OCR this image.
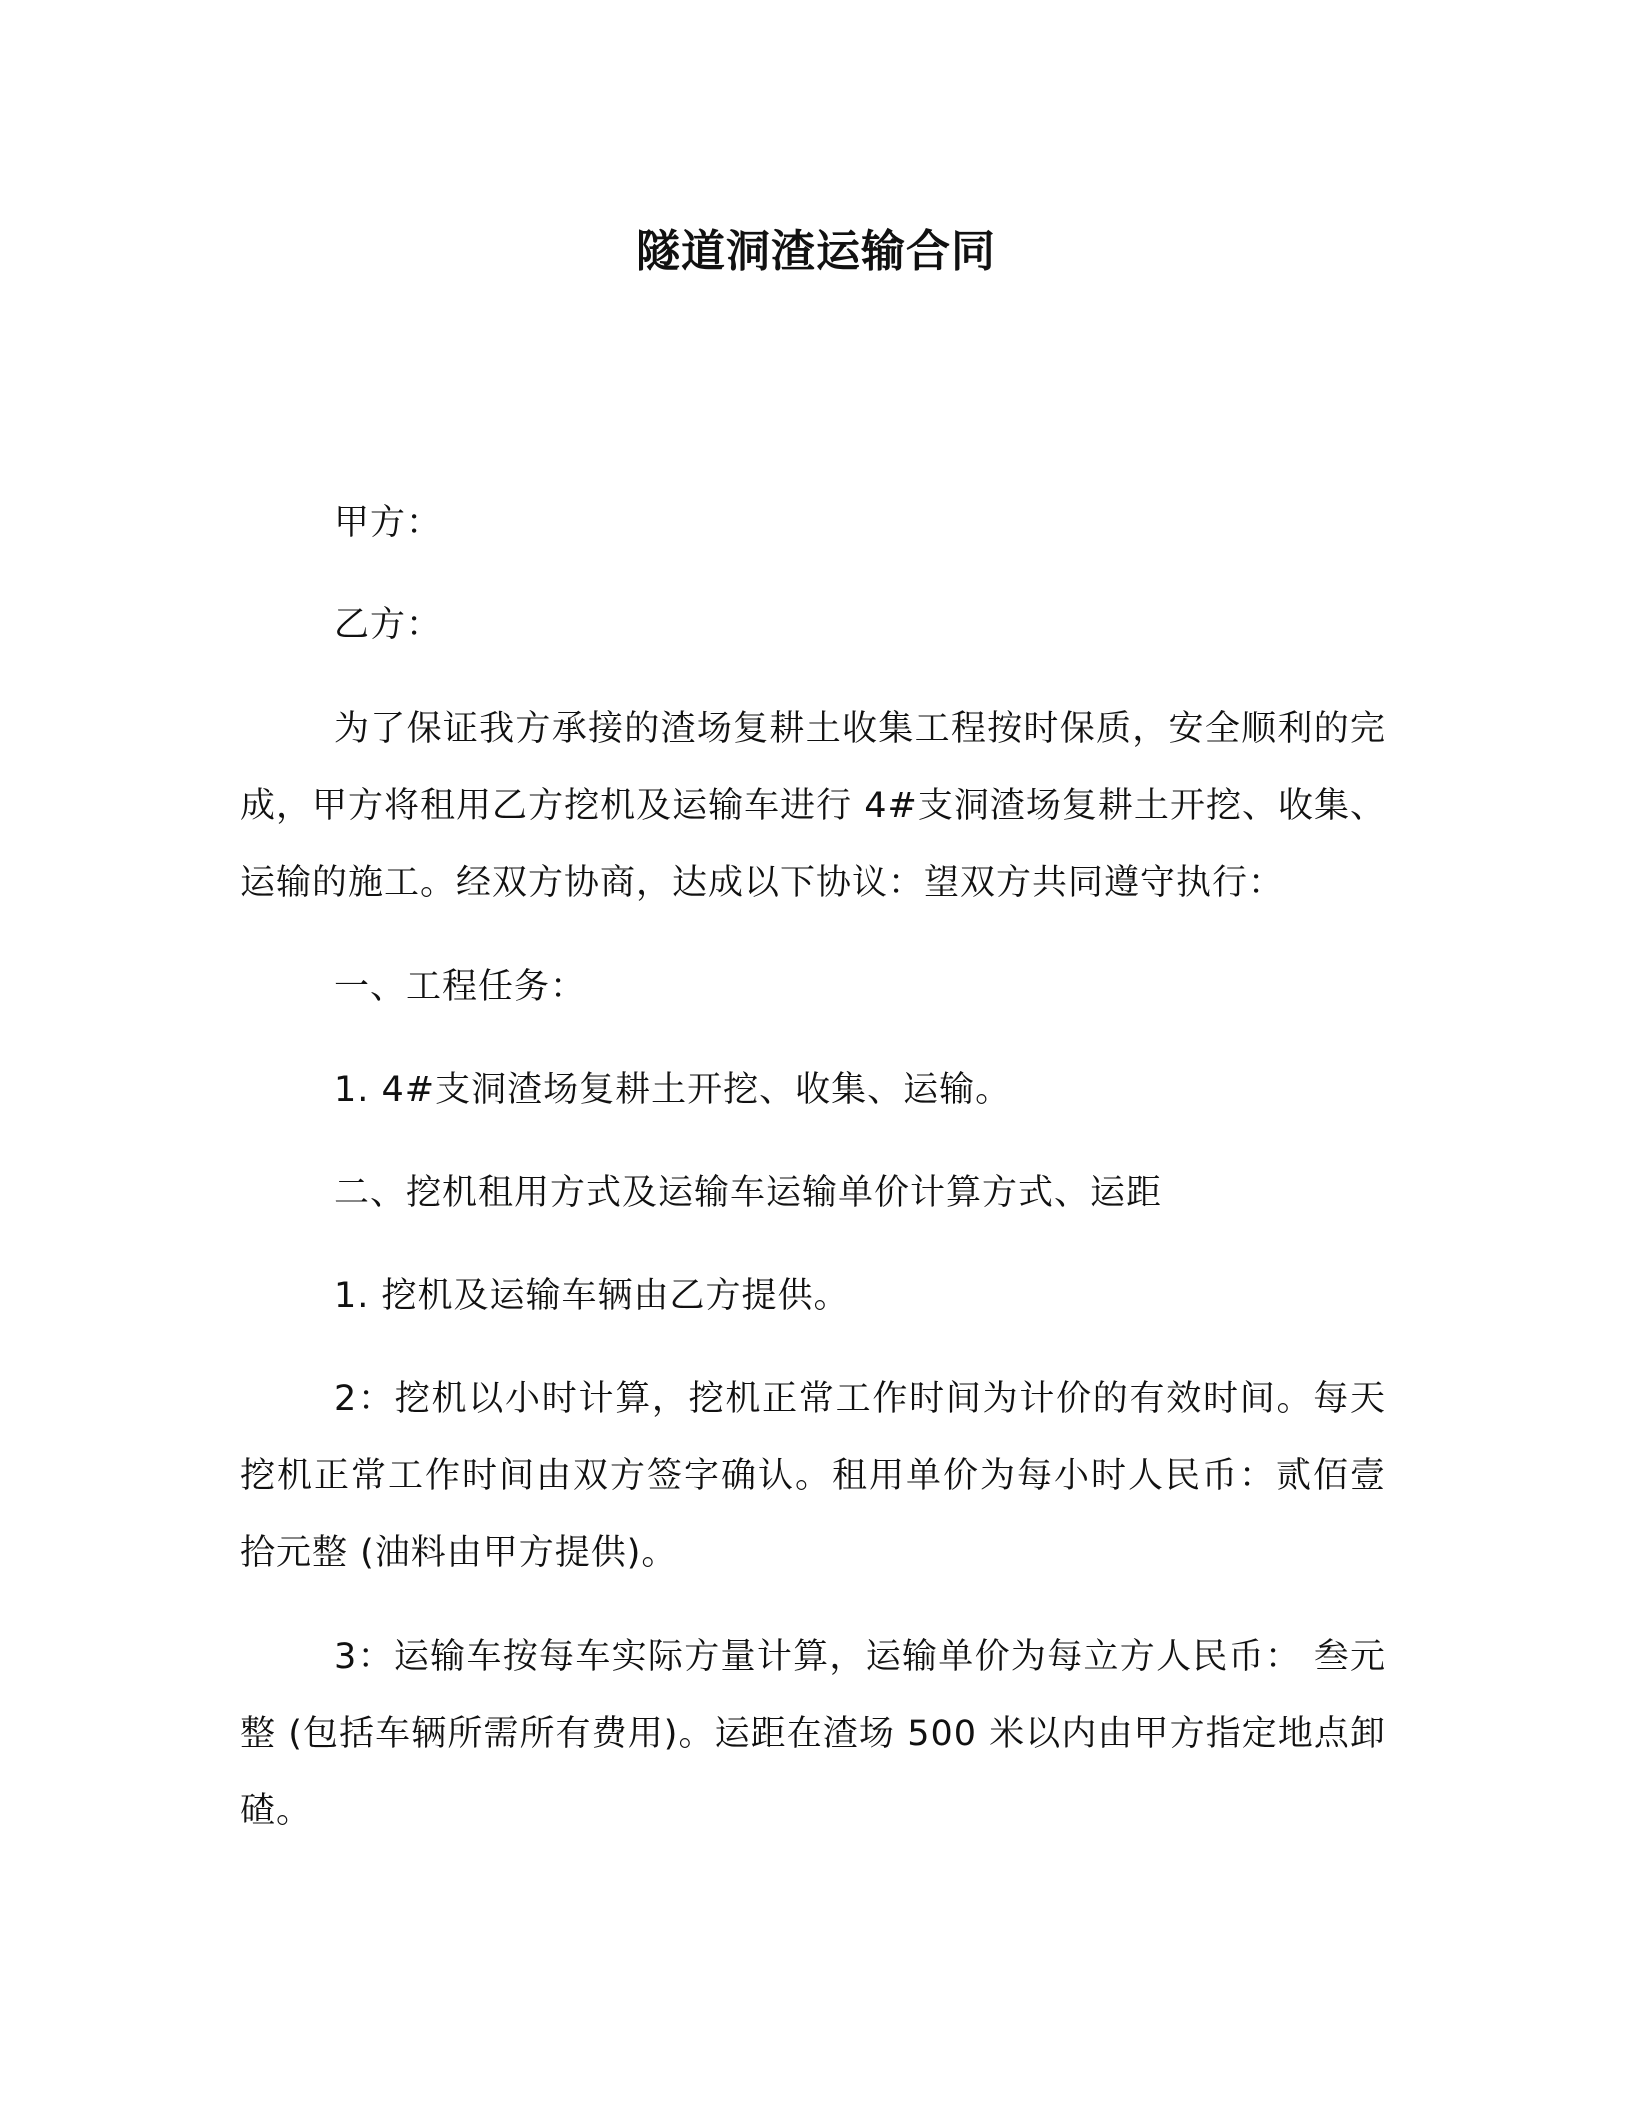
隧道洞渣运输合同

甲方：

乙方：

为了保证我方承接的渣场复耕土收集工程按时保质，安全顺利的完成，甲方将租用乙方挖机及运输车进行 4#支洞渣场复耕土开挖、收集、运输的施工。经双方协商，达成以下协议：望双方共同遵守执行：

一、工程任务：

1. 4#支洞渣场复耕土开挖、收集、运输。

二、挖机租用方式及运输车运输单价计算方式、运距

1. 挖机及运输车辆由乙方提供。

2：挖机以小时计算，挖机正常工作时间为计价的有效时间。每天挖机正常工作时间由双方签字确认。租用单价为每小时人民币：贰佰壹拾元整 (油料由甲方提供)。

3：运输车按每车实际方量计算，运输单价为每立方人民币： 叁元整 (包括车辆所需所有费用)。运距在渣场 500 米以内由甲方指定地点卸碴。
